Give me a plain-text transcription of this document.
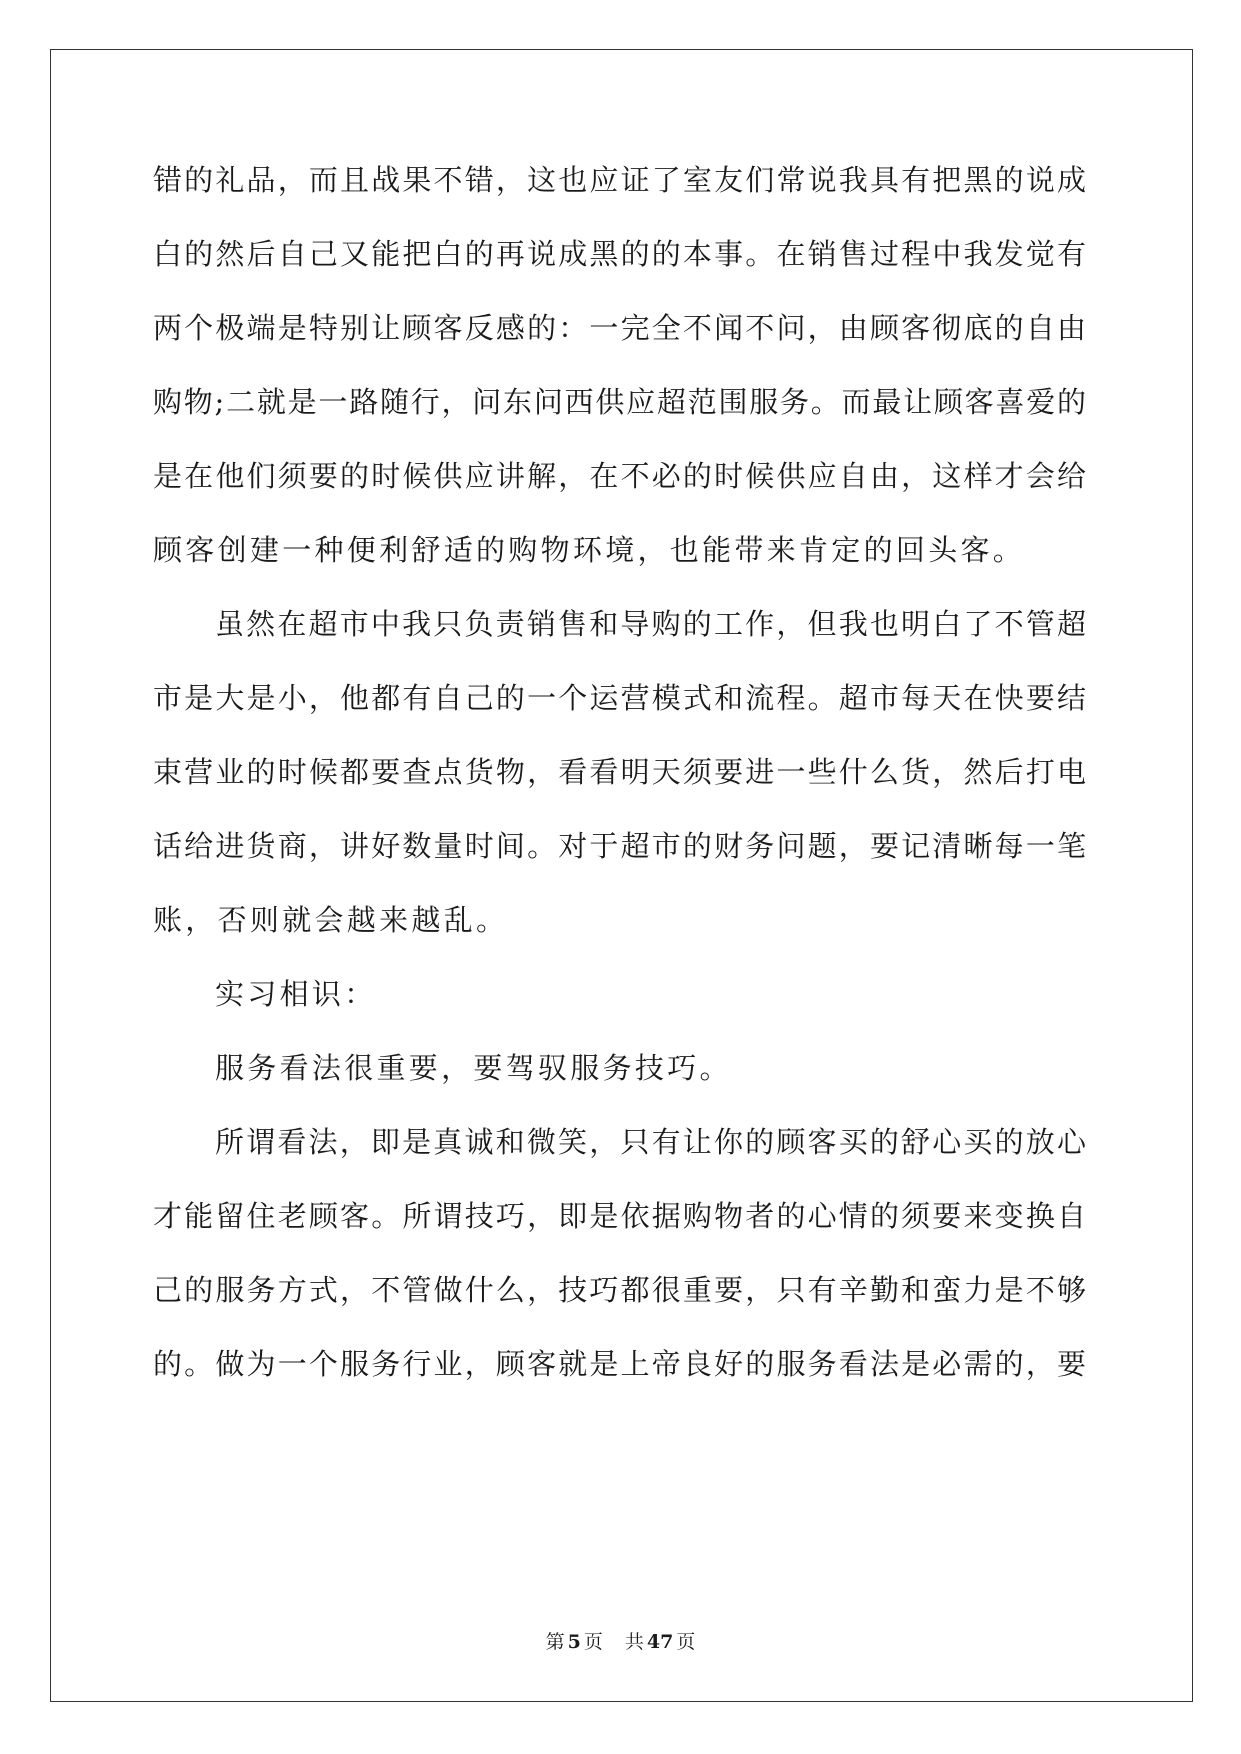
错的礼品，而且战果不错，这也应证了室友们常说我具有把黑的说成
白的然后自己又能把白的再说成黑的的本事。在销售过程中我发觉有
两个极端是特别让顾客反感的：一完全不闻不问，由顾客彻底的自由
购物;二就是一路随行，问东问西供应超范围服务。而最让顾客喜爱的
是在他们须要的时候供应讲解，在不必的时候供应自由，这样才会给
顾客创建一种便利舒适的购物环境，也能带来肯定的回头客。
虽然在超市中我只负责销售和导购的工作，但我也明白了不管超
市是大是小，他都有自己的一个运营模式和流程。超市每天在快要结
束营业的时候都要查点货物，看看明天须要进一些什么货，然后打电
话给进货商，讲好数量时间。对于超市的财务问题，要记清晰每一笔
账，否则就会越来越乱。
实习相识：
服务看法很重要，要驾驭服务技巧。
所谓看法，即是真诚和微笑，只有让你的顾客买的舒心买的放心
才能留住老顾客。所谓技巧，即是依据购物者的心情的须要来变换自
己的服务方式，不管做什么，技巧都很重要，只有辛勤和蛮力是不够
的。做为一个服务行业，顾客就是上帝良好的服务看法是必需的，要
第 5 页 共 47 页
